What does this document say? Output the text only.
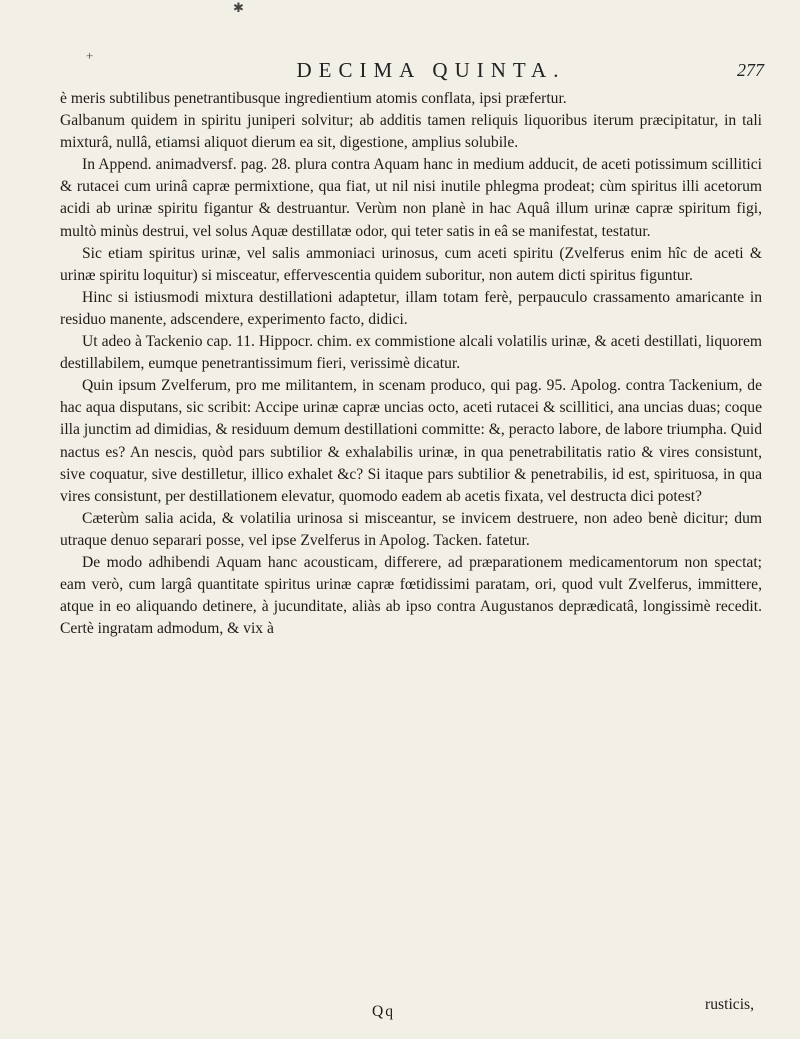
✱
+
DECIMA QUINTA.	277

è meris subtilibus penetrantibusque ingredientium atomis conflata, ipsi præfertur.

Galbanum quidem in spiritu juniperi solvitur; ab additis tamen reliquis liquoribus iterum præcipitatur, in tali mixturâ, nullâ, etiamsi aliquot dierum ea sit, digestione, amplius solubile.

In Append. animadversf. pag. 28. plura contra Aquam hanc in medium adducit, de aceti potissimum scillitici & rutacei cum urinâ capræ permixtione, qua fiat, ut nil nisi inutile phlegma prodeat; cùm spiritus illi acetorum acidi ab urinæ spiritu figantur & destruantur. Verùm non planè in hac Aquâ illum urinæ capræ spiritum figi, multò minùs destrui, vel solus Aquæ destillatæ odor, qui teter satis in eâ se manifestat, testatur.

Sic etiam spiritus urinæ, vel salis ammoniaci urinosus, cum aceti spiritu (Zvelferus enim hîc de aceti & urinæ spiritu loquitur) si misceatur, effervescentia quidem suboritur, non autem dicti spiritus figuntur.

Hinc si istiusmodi mixtura destillationi adaptetur, illam totam ferè, perpauculo crassamento amaricante in residuo manente, adscendere, experimento facto, didici.

Ut adeo à Tackenio cap. 11. Hippocr. chim. ex commistione alcali volatilis urinæ, & aceti destillati, liquorem destillabilem, eumque penetrantissimum fieri, verissimè dicatur.

Quin ipsum Zvelferum, pro me militantem, in scenam produco, qui pag. 95. Apolog. contra Tackenium, de hac aqua disputans, sic scribit: Accipe urinæ capræ uncias octo, aceti rutacei & scillitici, ana uncias duas; coque illa junctim ad dimidias, & residuum demum destillationi committe: &, peracto labore, de labore triumpha. Quid nactus es? An nescis, quòd pars subtilior & exhalabilis urinæ, in qua penetrabilitatis ratio & vires consistunt, sive coquatur, sive destilletur, illico exhalet &c? Si itaque pars subtilior & penetrabilis, id est, spirituosa, in qua vires consistunt, per destillationem elevatur, quomodo eadem ab acetis fixata, vel destructa dici potest?

Cæterùm salia acida, & volatilia urinosa si misceantur, se invicem destruere, non adeo benè dicitur; dum utraque denuo separari posse, vel ipse Zvelferus in Apolog. Tacken. fatetur.

De modo adhibendi Aquam hanc acousticam, differere, ad præparationem medicamentorum non spectat; eam verò, cum largâ quantitate spiritus urinæ capræ fœtidissimi paratam, ori, quod vult Zvelferus, immittere, atque in eo aliquando detinere, à jucunditate, aliàs ab ipso contra Augustanos deprædicatâ, longissimè recedit. Certè ingratam admodum, & vix à

Qq	rusticis,
